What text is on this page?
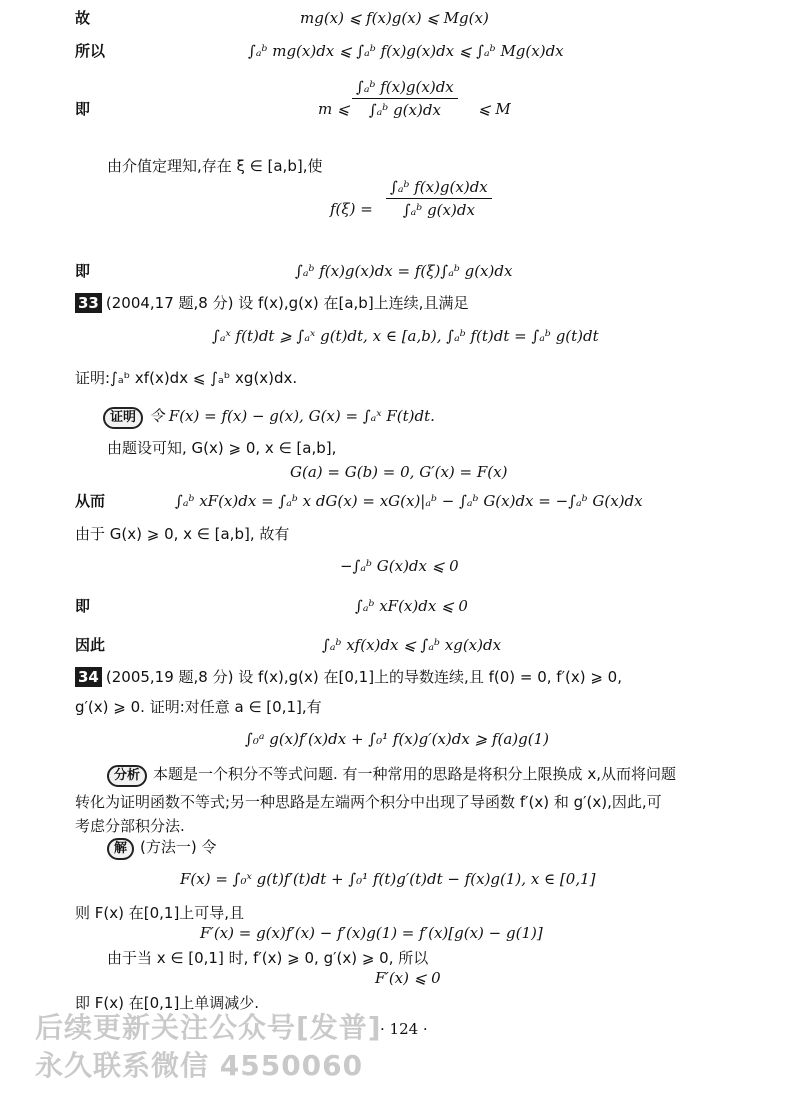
故	mg(x) ⩽ f(x)g(x) ⩽ Mg(x)
所以	∫ₐᵇ mg(x)dx ⩽ ∫ₐᵇ f(x)g(x)dx ⩽ ∫ₐᵇ Mg(x)dx
即	m ⩽ $\frac{\text{∫ₐᵇ f(x)g(x)dx}}{\text{∫ₐᵇ g(x)dx}}$ ⩽ M
由介值定理知,存在 ξ ∈ [a,b],使
$f(\xi) = \frac{\text{∫ₐᵇ f(x)g(x)dx}}{\text{∫ₐᵇ g(x)dx}}$
即	∫ₐᵇ f(x)g(x)dx = f(ξ)∫ₐᵇ g(x)dx
33 (2004,17 题,8 分) 设 f(x),g(x) 在[a,b]上连续,且满足
∫ₐˣ f(t)dt ⩾ ∫ₐˣ g(t)dt, x ∈ [a,b), ∫ₐᵇ f(t)dt = ∫ₐᵇ g(t)dt
证明:∫ₐᵇ xf(x)dx ⩽ ∫ₐᵇ xg(x)dx.
证明 令 F(x) = f(x) − g(x), G(x) = ∫ₐˣ F(t)dt.
由题设可知, G(x) ⩾ 0, x ∈ [a,b],
G(a) = G(b) = 0, G′(x) = F(x)
从而	∫ₐᵇ xF(x)dx = ∫ₐᵇ x dG(x) = xG(x)|ₐᵇ − ∫ₐᵇ G(x)dx = −∫ₐᵇ G(x)dx
由于 G(x) ⩾ 0, x ∈ [a,b], 故有
−∫ₐᵇ G(x)dx ⩽ 0
即	∫ₐᵇ xF(x)dx ⩽ 0
因此	∫ₐᵇ xf(x)dx ⩽ ∫ₐᵇ xg(x)dx
34 (2005,19 题,8 分) 设 f(x),g(x) 在[0,1]上的导数连续,且 f(0) = 0, f′(x) ⩾ 0,
g′(x) ⩾ 0. 证明:对任意 a ∈ [0,1],有
∫₀ᵃ g(x)f′(x)dx + ∫₀¹ f(x)g′(x)dx ⩾ f(a)g(1)
分析 本题是一个积分不等式问题. 有一种常用的思路是将积分上限换成 x,从而将问题
转化为证明函数不等式;另一种思路是左端两个积分中出现了导函数 f′(x) 和 g′(x),因此,可
考虑分部积分法.
解 (方法一) 令
F(x) = ∫₀ˣ g(t)f′(t)dt + ∫₀¹ f(t)g′(t)dt − f(x)g(1), x ∈ [0,1]
则 F(x) 在[0,1]上可导,且
F′(x) = g(x)f′(x) − f′(x)g(1) = f′(x)[g(x) − g(1)]
由于当 x ∈ [0,1] 时, f′(x) ⩾ 0, g′(x) ⩾ 0, 所以
F′(x) ⩽ 0
即 F(x) 在[0,1]上单调减少.
· 124 ·
后续更新关注公众号[发普]
永久联系微信 4550060
